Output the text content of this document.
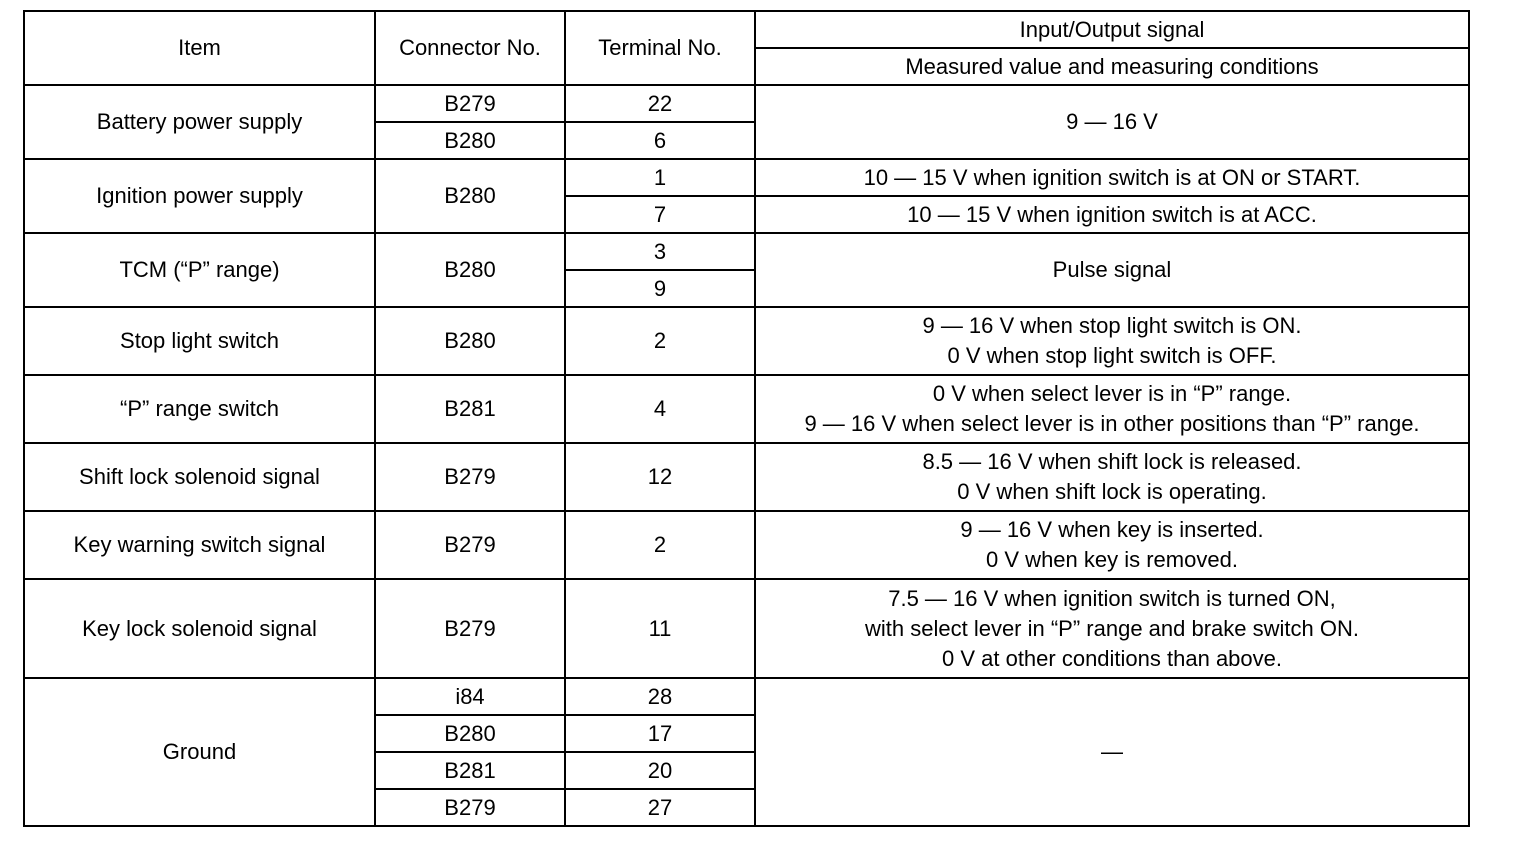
Item	Connector No.	Terminal No.	Input/Output signal
			Measured value and measuring conditions
Battery power supply	B279	22	9 — 16 V
	B280	6	
Ignition power supply	B280	1	10 — 15 V when ignition switch is at ON or START.
		7	10 — 15 V when ignition switch is at ACC.
TCM (“P” range)	B280	3	Pulse signal
		9	
Stop light switch	B280	2	9 — 16 V when stop light switch is ON.
0 V when stop light switch is OFF.

“P” range switch	B281	4	0 V when select lever is in “P” range.
9 — 16 V when select lever is in other positions than “P” range.

Shift lock solenoid signal	B279	12	8.5 — 16 V when shift lock is released.
0 V when shift lock is operating.

Key warning switch signal	B279	2	9 — 16 V when key is inserted.
0 V when key is removed.

Key lock solenoid signal	B279	11	7.5 — 16 V when ignition switch is turned ON,
with select lever in “P” range and brake switch ON.
0 V at other conditions than above.

Ground	i84	28	—
	B280	17	
	B281	20	
	B279	27	
